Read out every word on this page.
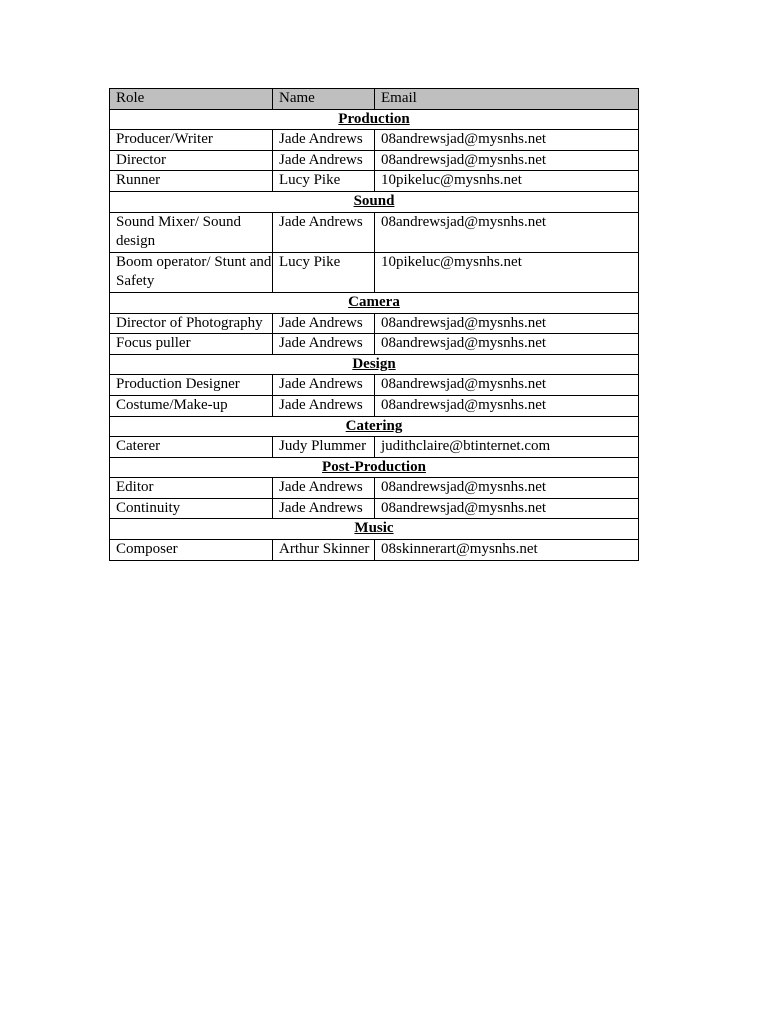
Role	Name	Email
Production		
Producer/Writer	Jade Andrews	08andrewsjad@mysnhs.net
Director	Jade Andrews	08andrewsjad@mysnhs.net
Runner	Lucy Pike	10pikeluc@mysnhs.net
Sound		
Sound Mixer/ Sound design	Jade Andrews	08andrewsjad@mysnhs.net
Boom operator/ Stunt and Safety	Lucy Pike	10pikeluc@mysnhs.net
Camera		
Director of Photography	Jade Andrews	08andrewsjad@mysnhs.net
Focus puller	Jade Andrews	08andrewsjad@mysnhs.net
Design		
Production Designer	Jade Andrews	08andrewsjad@mysnhs.net
Costume/Make-up	Jade Andrews	08andrewsjad@mysnhs.net
Catering		
Caterer	Judy Plummer	judithclaire@btinternet.com
Post-Production		
Editor	Jade Andrews	08andrewsjad@mysnhs.net
Continuity	Jade Andrews	08andrewsjad@mysnhs.net
Music		
Composer	Arthur Skinner	08skinnerart@mysnhs.net
